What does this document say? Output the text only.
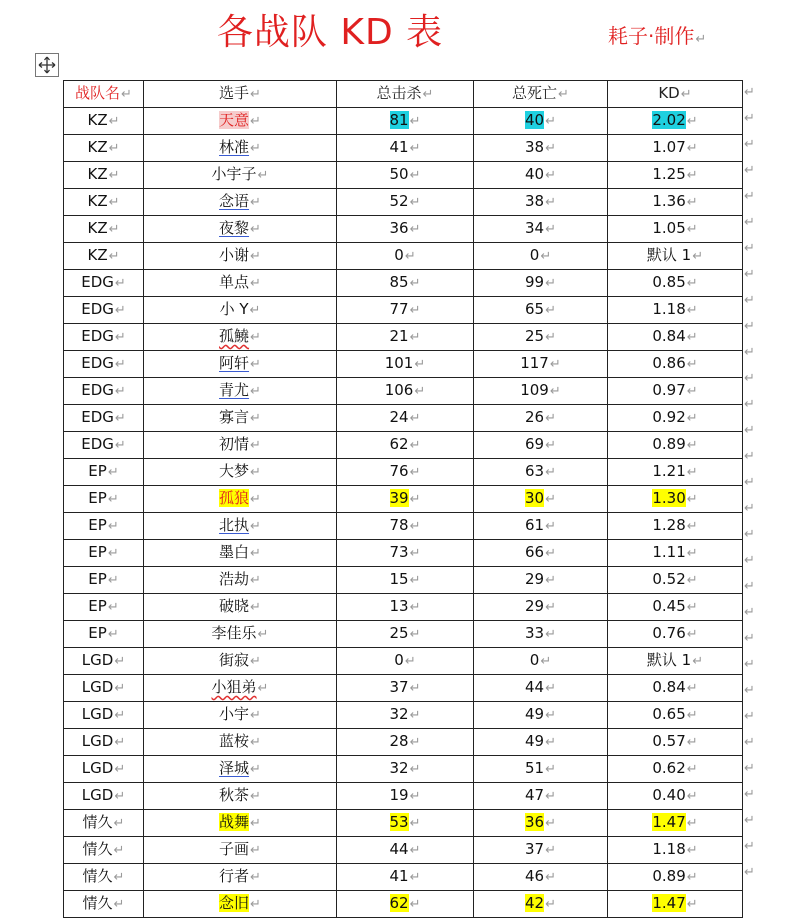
各战队 KD 表	耗子·制作↵
战队名↵	选手↵	总击杀↵	总死亡↵	KD↵
KZ↵	天意↵	81↵	40↵	2.02↵
KZ↵	林准↵	41↵	38↵	1.07↵
KZ↵	小宇子↵	50↵	40↵	1.25↵
KZ↵	念语↵	52↵	38↵	1.36↵
KZ↵	夜黎↵	36↵	34↵	1.05↵
KZ↵	小谢↵	0↵	0↵	默认 1↵
EDG↵	单点↵	85↵	99↵	0.85↵
EDG↵	小 Y↵	77↵	65↵	1.18↵
EDG↵	孤鱙↵	21↵	25↵	0.84↵
EDG↵	阿轩↵	101↵	117↵	0.86↵
EDG↵	青尤↵	106↵	109↵	0.97↵
EDG↵	寡言↵	24↵	26↵	0.92↵
EDG↵	初情↵	62↵	69↵	0.89↵
EP↵	大梦↵	76↵	63↵	1.21↵
EP↵	孤狼↵	39↵	30↵	1.30↵
EP↵	北执↵	78↵	61↵	1.28↵
EP↵	墨白↵	73↵	66↵	1.11↵
EP↵	浩劫↵	15↵	29↵	0.52↵
EP↵	破晓↵	13↵	29↵	0.45↵
EP↵	李佳乐↵	25↵	33↵	0.76↵
LGD↵	街寂↵	0↵	0↵	默认 1↵
LGD↵	小狙弟↵	37↵	44↵	0.84↵
LGD↵	小宇↵	32↵	49↵	0.65↵
LGD↵	蓝桉↵	28↵	49↵	0.57↵
LGD↵	泽城↵	32↵	51↵	0.62↵
LGD↵	秋茶↵	19↵	47↵	0.40↵
情久↵	战舞↵	53↵	36↵	1.47↵
情久↵	子画↵	44↵	37↵	1.18↵
情久↵	行者↵	41↵	46↵	0.89↵
情久↵	念旧↵	62↵	42↵	1.47↵
↵
↵
↵
↵
↵
↵
↵
↵
↵
↵
↵
↵
↵
↵
↵
↵
↵
↵
↵
↵
↵
↵
↵
↵
↵
↵
↵
↵
↵
↵
↵
